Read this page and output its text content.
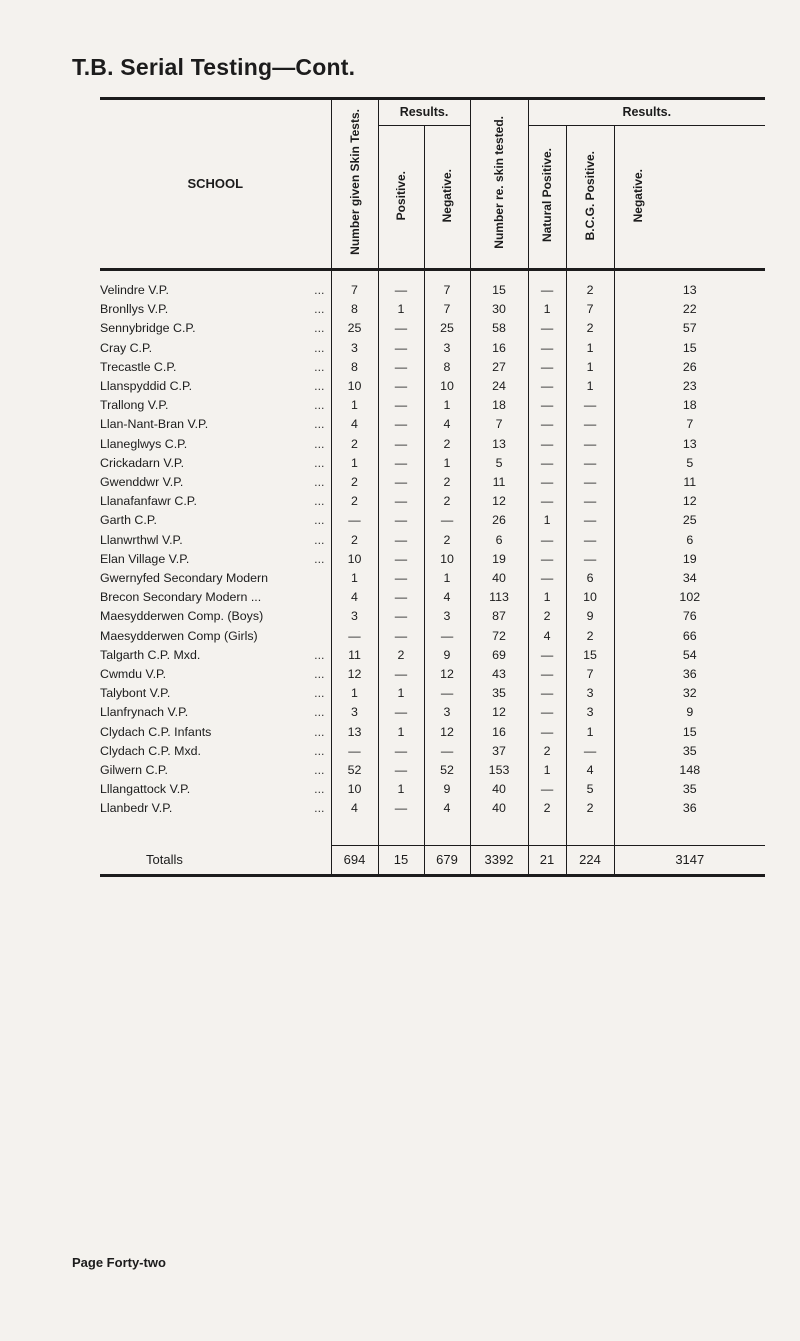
T.B. Serial Testing—Cont.
SCHOOL	Number given Skin Tests.	Results.		Number re. skin tested.	Results.		
		Positive.	Negative.		Natural Positive.	B.C.G. Positive.	Negative.
Velindre V.P. ...	7	—	7	15	—	2	13
Bronllys V.P. ...	8	1	7	30	1	7	22
Sennybridge C.P. ...	25	—	25	58	—	2	57
Cray C.P. ...	3	—	3	16	—	1	15
Trecastle C.P. ...	8	—	8	27	—	1	26
Llanspyddid C.P. ...	10	—	10	24	—	1	23
Trallong V.P. ...	1	—	1	18	—	—	18
Llan-Nant-Bran V.P. ...	4	—	4	7	—	—	7
Llaneglwys C.P. ...	2	—	2	13	—	—	13
Crickadarn V.P. ...	1	—	1	5	—	—	5
Gwenddwr V.P. ...	2	—	2	11	—	—	11
Llanafanfawr C.P. ...	2	—	2	12	—	—	12
Garth C.P. ...	—	—	—	26	1	—	25
Llanwrthwl V.P. ...	2	—	2	6	—	—	6
Elan Village V.P. ...	10	—	10	19	—	—	19
Gwernyfed Secondary Modern	1	—	1	40	—	6	34
Brecon Secondary Modern ...	4	—	4	113	1	10	102
Maesydderwen Comp. (Boys)	3	—	3	87	2	9	76
Maesydderwen Comp (Girls)	—	—	—	72	4	2	66
Talgarth C.P. Mxd. ...	11	2	9	69	—	15	54
Cwmdu V.P. ...	12	—	12	43	—	7	36
Talybont V.P. ...	1	1	—	35	—	3	32
Llanfrynach V.P. ...	3	—	3	12	—	3	9
Clydach C.P. Infants ...	13	1	12	16	—	1	15
Clydach C.P. Mxd. ...	—	—	—	37	2	—	35
Gilwern C.P. ...	52	—	52	153	1	4	148
Lllangattock V.P. ...	10	1	9	40	—	5	35
Llanbedr V.P. ...	4	—	4	40	2	2	36

Totalls	694	15	679	3392	21	224	3147

Page Forty-two
